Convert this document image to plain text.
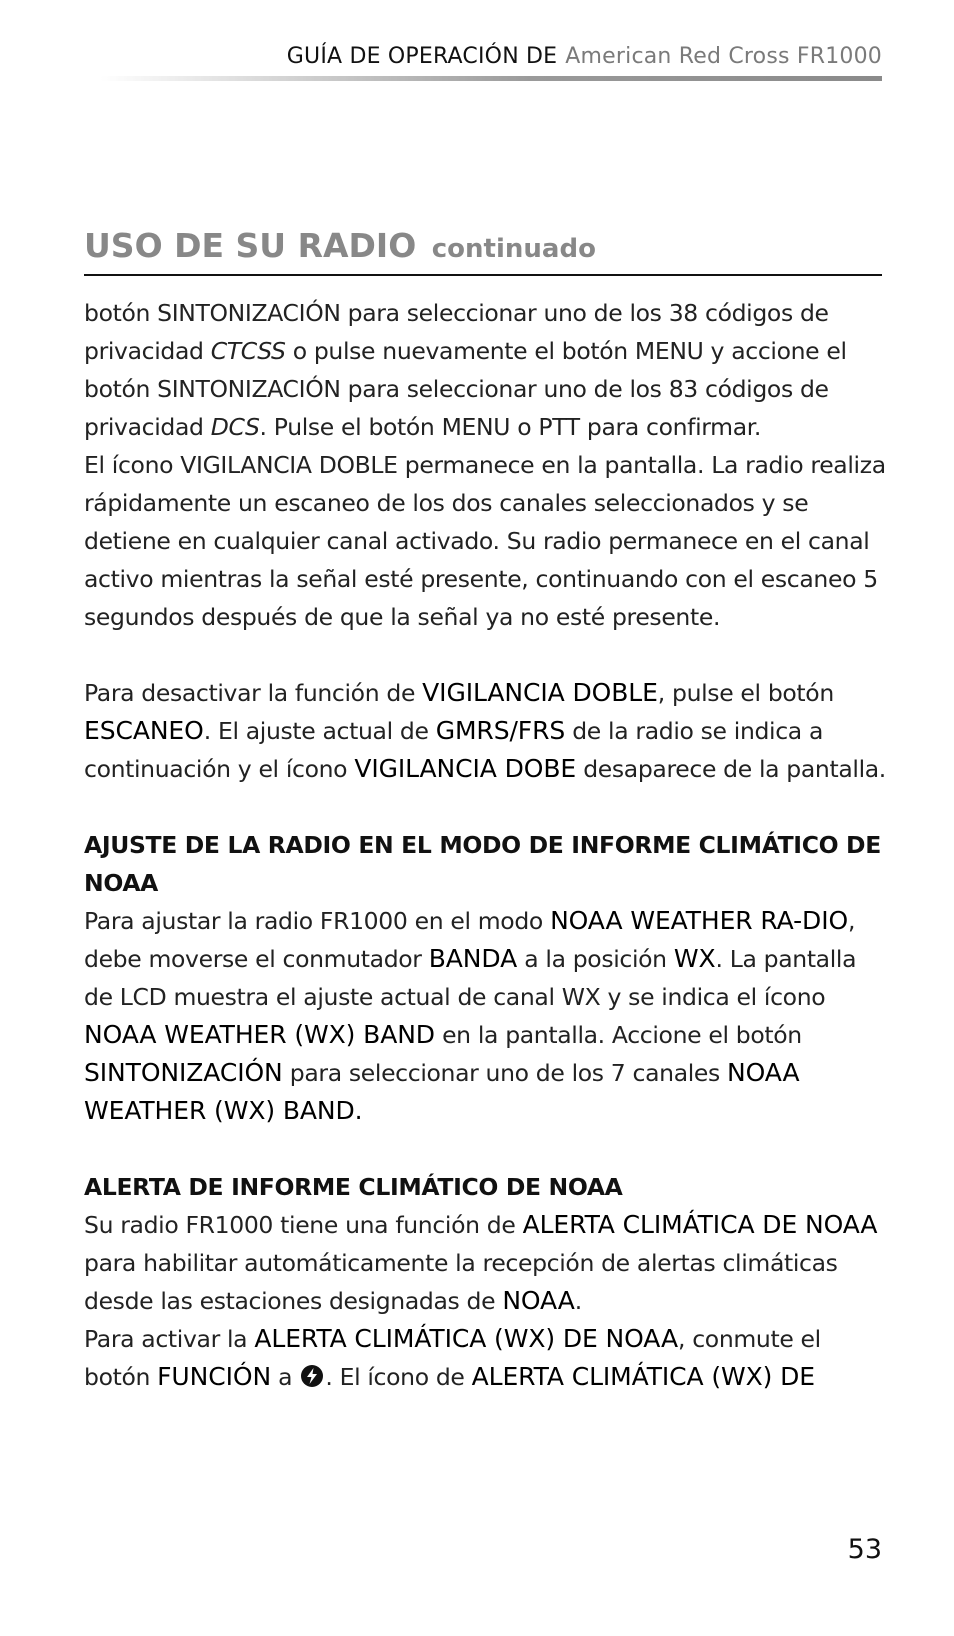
GUÍA DE OPERACIÓN DE American Red Cross FR1000
USO DE SU RADIO continuado

botón SINTONIZACIÓN para seleccionar uno de los 38 códigos de privacidad CTCSS o pulse nuevamente el botón MENU y accione el botón SINTONIZACIÓN para seleccionar uno de los 83 códigos de privacidad DCS. Pulse el botón MENU o PTT para confirmar.
El ícono VIGILANCIA DOBLE permanece en la pantalla. La radio realiza rápidamente un escaneo de los dos canales seleccionados y se detiene en cualquier canal activado. Su radio permanece en el canal activo mientras la señal esté presente, continuando con el escaneo 5 segundos después de que la señal ya no esté presente.

Para desactivar la función de VIGILANCIA DOBLE, pulse el botón ESCANEO. El ajuste actual de GMRS/FRS de la radio se indica a continuación y el ícono VIGILANCIA DOBE desaparece de la pantalla.

AJUSTE DE LA RADIO EN EL MODO DE INFORME CLIMÁTICO DE NOAA

Para ajustar la radio FR1000 en el modo NOAA WEATHER RA-DIO, debe moverse el conmutador BANDA a la posición WX. La pantalla de LCD muestra el ajuste actual de canal WX y se indica el ícono NOAA WEATHER (WX) BAND en la pantalla. Accione el botón SINTONIZACIÓN para seleccionar uno de los 7 canales NOAA WEATHER (WX) BAND.

ALERTA DE INFORME CLIMÁTICO DE NOAA

Su radio FR1000 tiene una función de ALERTA CLIMÁTICA DE NOAA para habilitar automáticamente la recepción de alertas climáticas desde las estaciones designadas de NOAA.
Para activar la ALERTA CLIMÁTICA (WX) DE NOAA, conmute el botón FUNCIÓN a
. El ícono de ALERTA CLIMÁTICA (WX) DE

53
